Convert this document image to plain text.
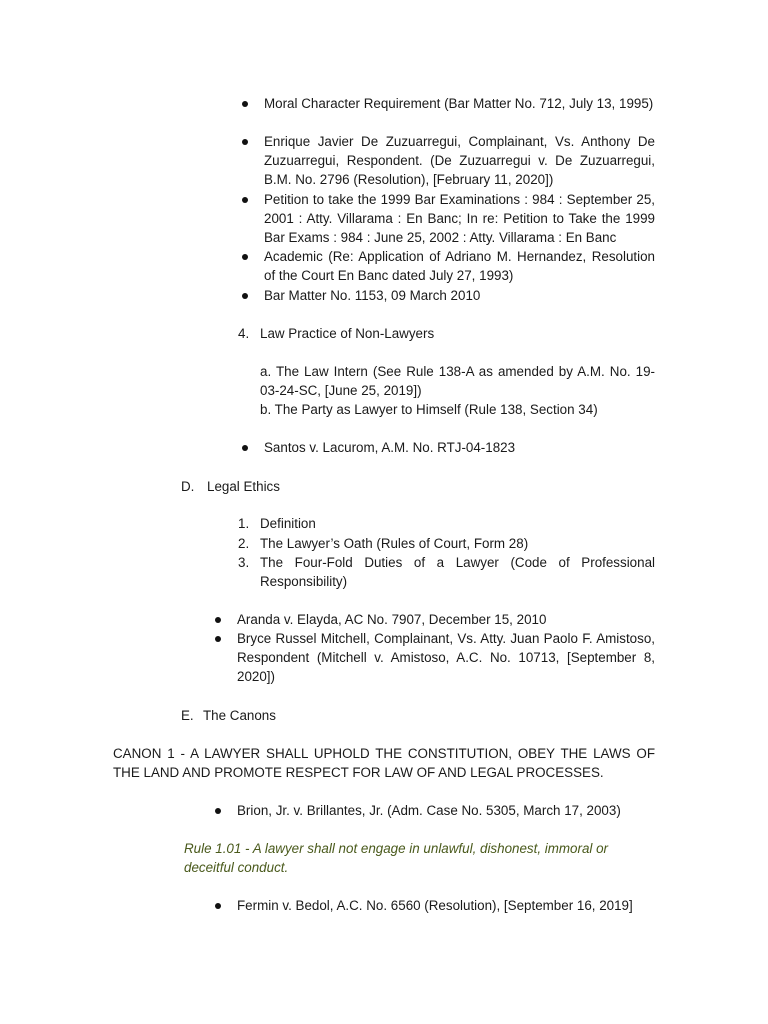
Moral Character Requirement (Bar Matter No. 712, July 13, 1995)
Enrique Javier De Zuzuarregui, Complainant, Vs. Anthony De Zuzuarregui, Respondent. (De Zuzuarregui v. De Zuzuarregui, B.M. No. 2796 (Resolution), [February 11, 2020])
Petition to take the 1999 Bar Examinations : 984 : September 25, 2001 : Atty. Villarama : En Banc; In re: Petition to Take the 1999 Bar Exams : 984 : June 25, 2002 : Atty. Villarama : En Banc
Academic (Re: Application of Adriano M. Hernandez, Resolution of the Court En Banc dated July 27, 1993)
Bar Matter No. 1153, 09 March 2010
4. Law Practice of Non-Lawyers
a. The Law Intern (See Rule 138-A as amended by A.M. No. 19-03-24-SC, [June 25, 2019])
b. The Party as Lawyer to Himself (Rule 138, Section 34)
Santos v. Lacurom, A.M. No. RTJ-04-1823
D. Legal Ethics
1. Definition
2. The Lawyer’s Oath (Rules of Court, Form 28)
3. The Four-Fold Duties of a Lawyer (Code of Professional Responsibility)
Aranda v. Elayda, AC No. 7907, December 15, 2010
Bryce Russel Mitchell, Complainant, Vs. Atty. Juan Paolo F. Amistoso, Respondent (Mitchell v. Amistoso, A.C. No. 10713, [September 8, 2020])
E. The Canons
CANON 1 - A LAWYER SHALL UPHOLD THE CONSTITUTION, OBEY THE LAWS OF THE LAND AND PROMOTE RESPECT FOR LAW OF AND LEGAL PROCESSES.
Brion, Jr. v. Brillantes, Jr. (Adm. Case No. 5305, March 17, 2003)
Rule 1.01 - A lawyer shall not engage in unlawful, dishonest, immoral or deceitful conduct.
Fermin v. Bedol, A.C. No. 6560 (Resolution), [September 16, 2019]
